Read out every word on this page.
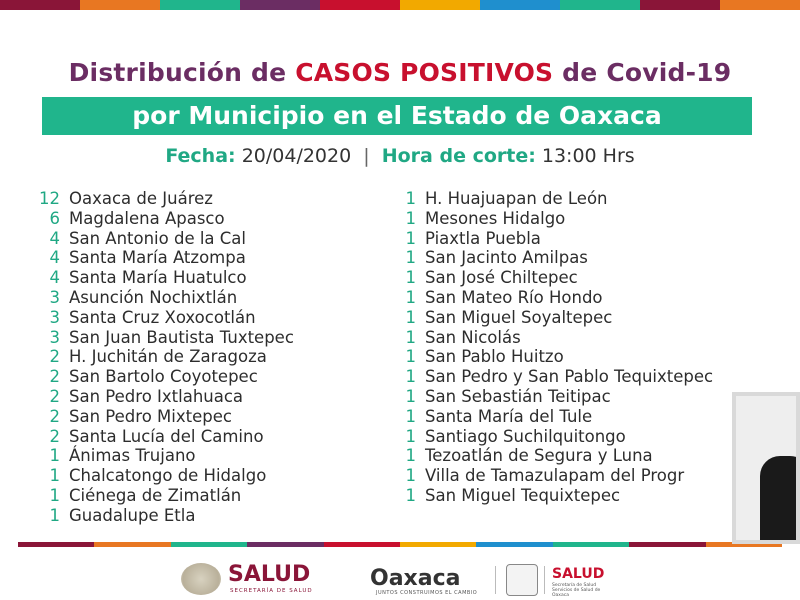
Distribución de CASOS POSITIVOS de Covid-19
por Municipio en el Estado de Oaxaca
Fecha: 20/04/2020 | Hora de corte: 13:00 Hrs
12 Oaxaca de Juárez
6 Magdalena Apasco
4 San Antonio de la Cal
4 Santa María Atzompa
4 Santa María Huatulco
3 Asunción Nochixtlán
3 Santa Cruz Xoxocotlán
3 San Juan Bautista Tuxtepec
2 H. Juchitán de Zaragoza
2 San Bartolo Coyotepec
2 San Pedro Ixtlahuaca
2 San Pedro Mixtepec
2 Santa Lucía del Camino
1 Ánimas Trujano
1 Chalcatongo de Hidalgo
1 Ciénega de Zimatlán
1 Guadalupe Etla
1 H. Huajuapan de León
1 Mesones Hidalgo
1 Piaxtla Puebla
1 San Jacinto Amilpas
1 San José Chiltepec
1 San Mateo Río Hondo
1 San Miguel Soyaltepec
1 San Nicolás
1 San Pablo Huitzo
1 San Pedro y San Pablo Tequixtepec
1 San Sebastián Teitipac
1 Santa María del Tule
1 Santiago Suchilquitongo
1 Tezoatlán de Segura y Luna
1 Villa de Tamazulapam del Progr
1 San Miguel Tequixtepec
SALUD
SECRETARÍA DE SALUD	Oaxaca
JUNTOS CONSTRUIMOS EL CAMBIO
SALUD
Secretaría de Salud Servicios de Salud de Oaxaca
